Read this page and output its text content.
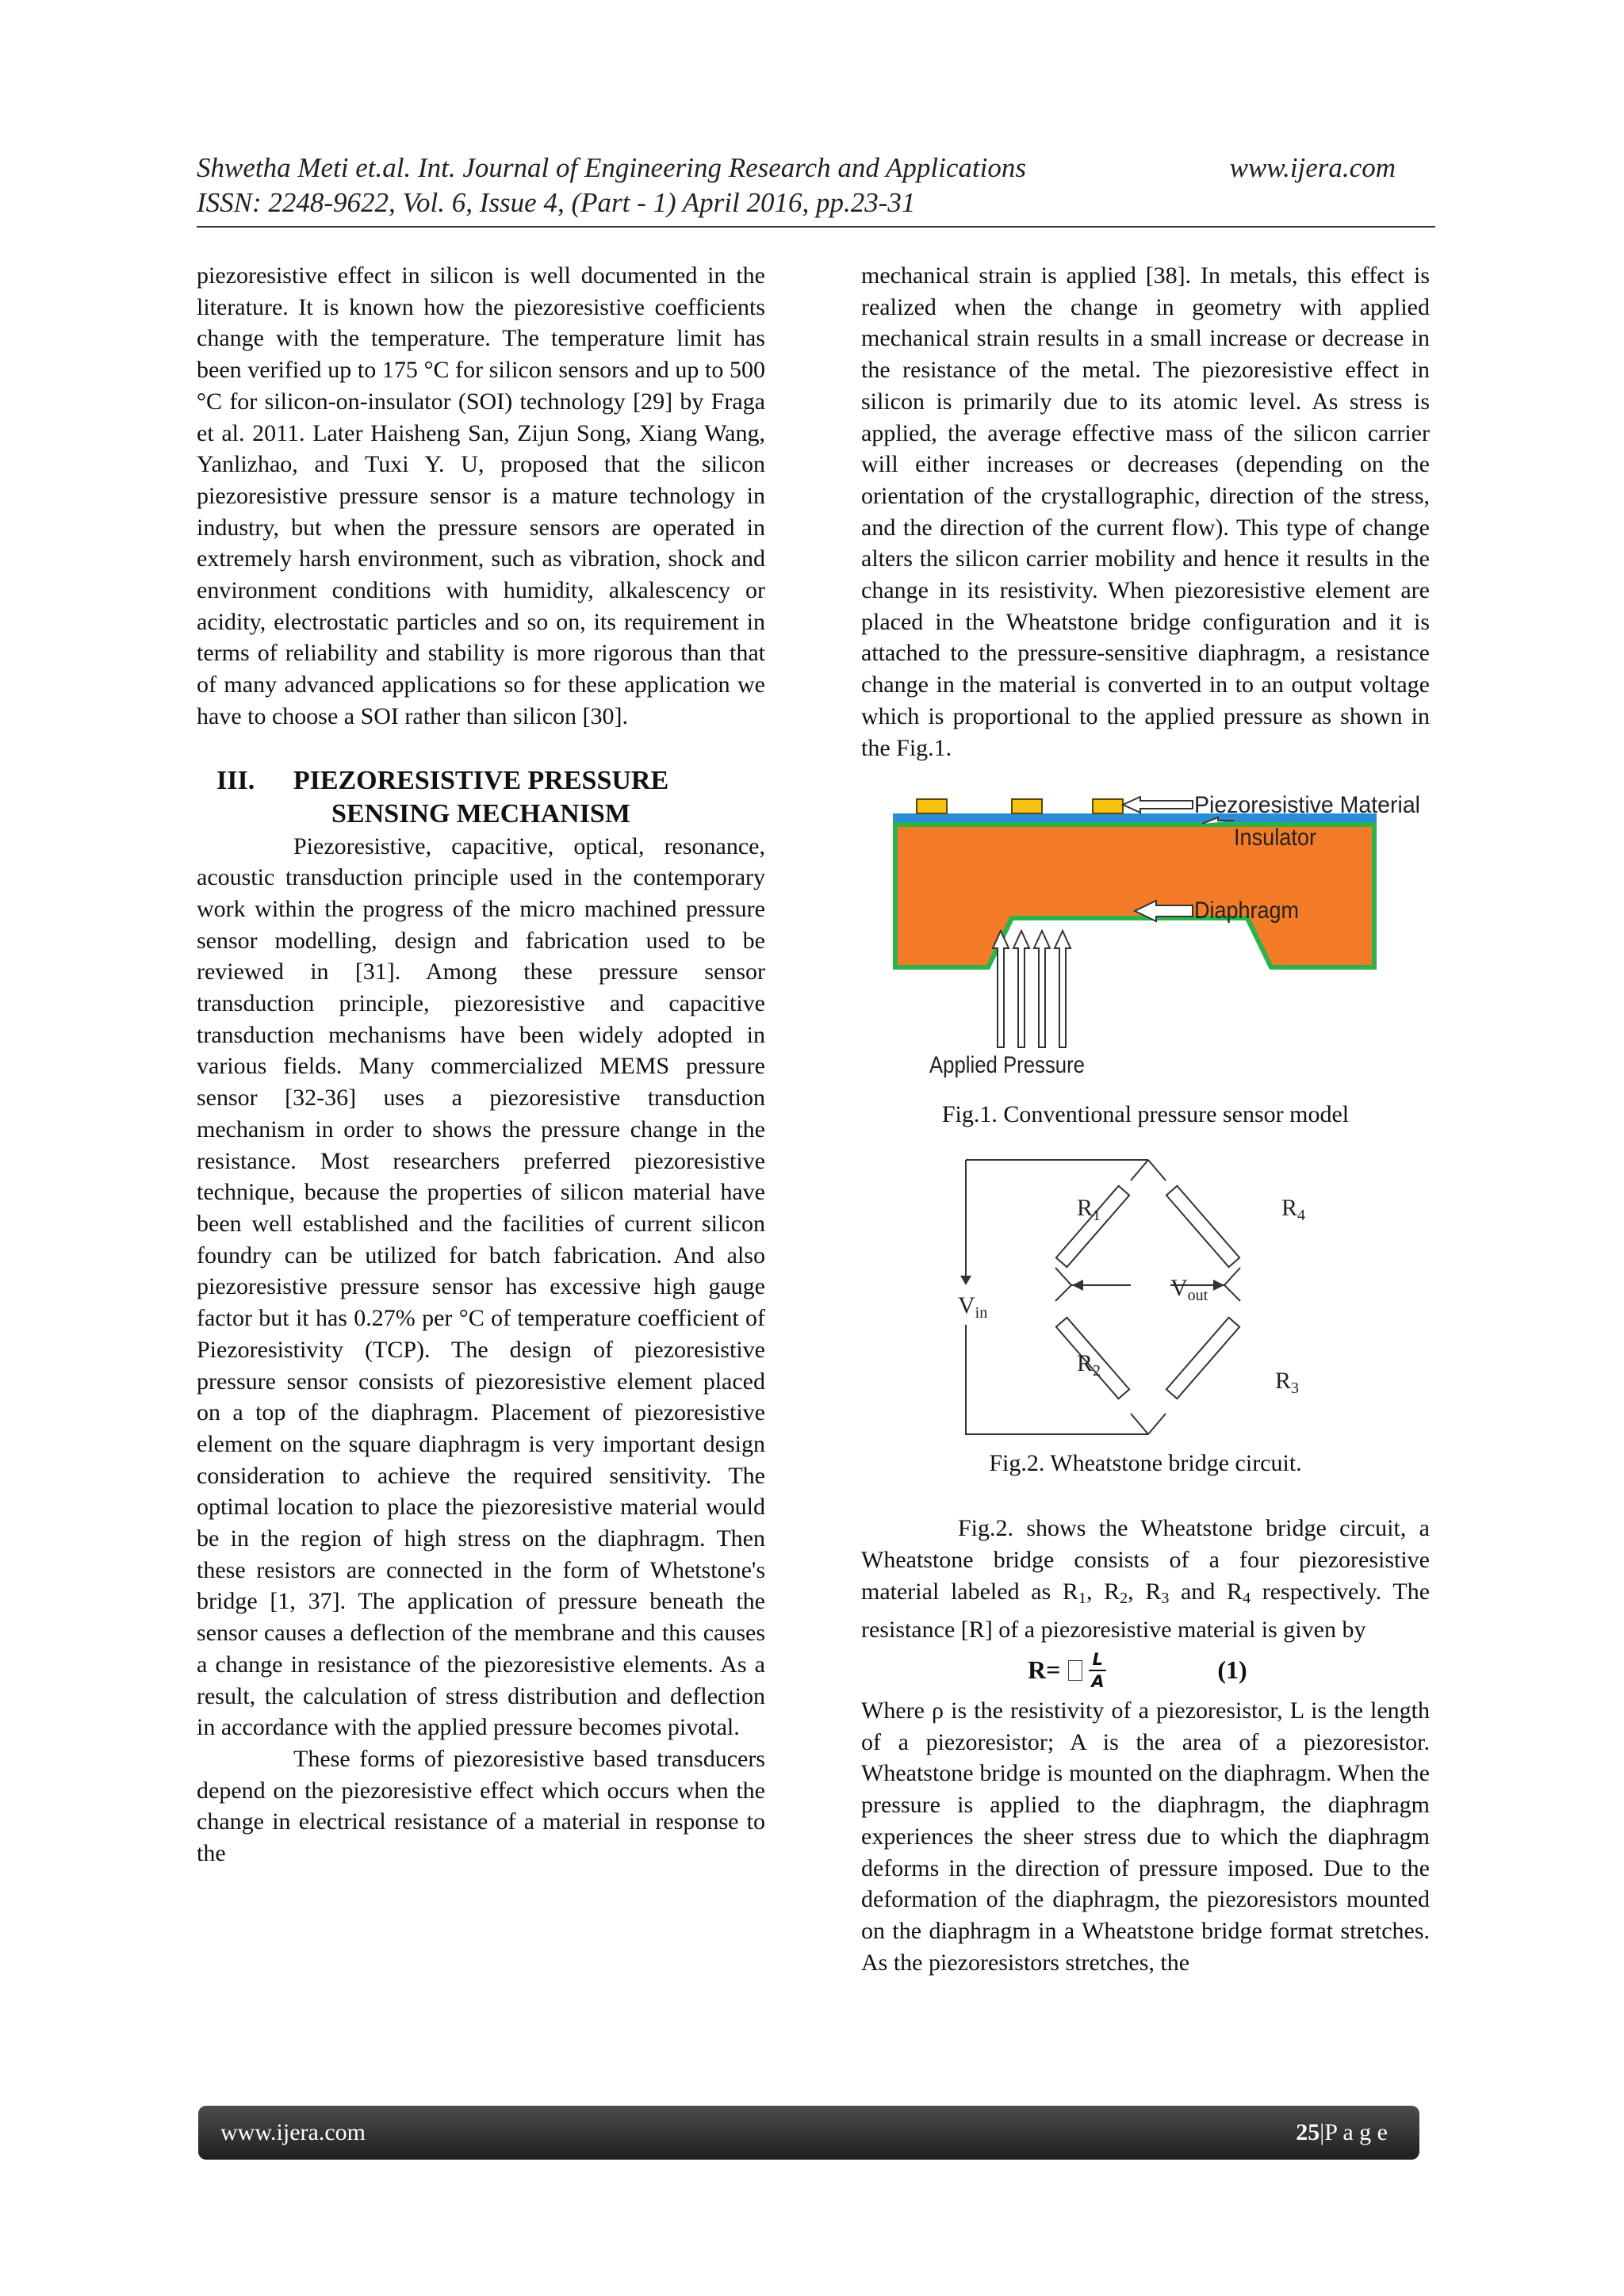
Shwetha Meti et.al. Int. Journal of Engineering Research and Applications	www.ijera.com
ISSN: 2248-9622, Vol. 6, Issue 4, (Part - 1) April 2016, pp.23-31

piezoresistive effect in silicon is well documented in the literature. It is known how the piezoresistive coefficients change with the temperature. The temperature limit has been verified up to 175 °C for silicon sensors and up to 500 °C for silicon-on-insulator (SOI) technology [29] by Fraga et al. 2011. Later Haisheng San, Zijun Song, Xiang Wang, Yanlizhao, and Tuxi Y. U, proposed that the silicon piezoresistive pressure sensor is a mature technology in industry, but when the pressure sensors are operated in extremely harsh environment, such as vibration, shock and environment conditions with humidity, alkalescency or acidity, electrostatic particles and so on, its requirement in terms of reliability and stability is more rigorous than that of many advanced applications so for these application we have to choose a SOI rather than silicon [30].

III. PIEZORESISTIVE PRESSURE
SENSING MECHANISM

Piezoresistive, capacitive, optical, resonance, acoustic transduction principle used in the contemporary work within the progress of the micro machined pressure sensor modelling, design and fabrication used to be reviewed in [31]. Among these pressure sensor transduction principle, piezoresistive and capacitive transduction mechanisms have been widely adopted in various fields. Many commercialized MEMS pressure sensor [32-36] uses a piezoresistive transduction mechanism in order to shows the pressure change in the resistance. Most researchers preferred piezoresistive technique, because the properties of silicon material have been well established and the facilities of current silicon foundry can be utilized for batch fabrication. And also piezoresistive pressure sensor has excessive high gauge factor but it has 0.27% per °C of temperature coefficient of Piezoresistivity (TCP). The design of piezoresistive pressure sensor consists of piezoresistive element placed on a top of the diaphragm. Placement of piezoresistive element on the square diaphragm is very important design consideration to achieve the required sensitivity. The optimal location to place the piezoresistive material would be in the region of high stress on the diaphragm. Then these resistors are connected in the form of Whetstone's bridge [1, 37]. The application of pressure beneath the sensor causes a deflection of the membrane and this causes a change in resistance of the piezoresistive elements. As a result, the calculation of stress distribution and deflection in accordance with the applied pressure becomes pivotal.

These forms of piezoresistive based transducers depend on the piezoresistive effect which occurs when the change in electrical resistance of a material in response to the

mechanical strain is applied [38]. In metals, this effect is realized when the change in geometry with applied mechanical strain results in a small increase or decrease in the resistance of the metal. The piezoresistive effect in silicon is primarily due to its atomic level. As stress is applied, the average effective mass of the silicon carrier will either increases or decreases (depending on the orientation of the crystallographic, direction of the stress, and the direction of the current flow). This type of change alters the silicon carrier mobility and hence it results in the change in its resistivity. When piezoresistive element are placed in the Wheatstone bridge configuration and it is attached to the pressure-sensitive diaphragm, a resistance change in the material is converted in to an output voltage which is proportional to the applied pressure as shown in the Fig.1.

Piezoresistive Material
Insulator
Diaphragm
Applied Pressure
Fig.1. Conventional pressure sensor model
$R_1$	$R_4$
$R_2$	$R_3$
$V_{in}$
$V_{out}$
Fig.2. Wheatstone bridge circuit.

Fig.2. shows the Wheatstone bridge circuit, a Wheatstone bridge consists of a four piezoresistive material labeled as $R_1$, $R_2$, $R_3$ and $R_4$ respectively. The resistance [R] of a piezoresistive material is given by

$R= \frac{L}{A}$	(1)

Where ρ is the resistivity of a piezoresistor, L is the length of a piezoresistor; A is the area of a piezoresistor. Wheatstone bridge is mounted on the diaphragm. When the pressure is applied to the diaphragm, the diaphragm experiences the sheer stress due to which the diaphragm deforms in the direction of pressure imposed. Due to the deformation of the diaphragm, the piezoresistors mounted on the diaphragm in a Wheatstone bridge format stretches. As the piezoresistors stretches, the

www.ijera.com	25|P a g e
